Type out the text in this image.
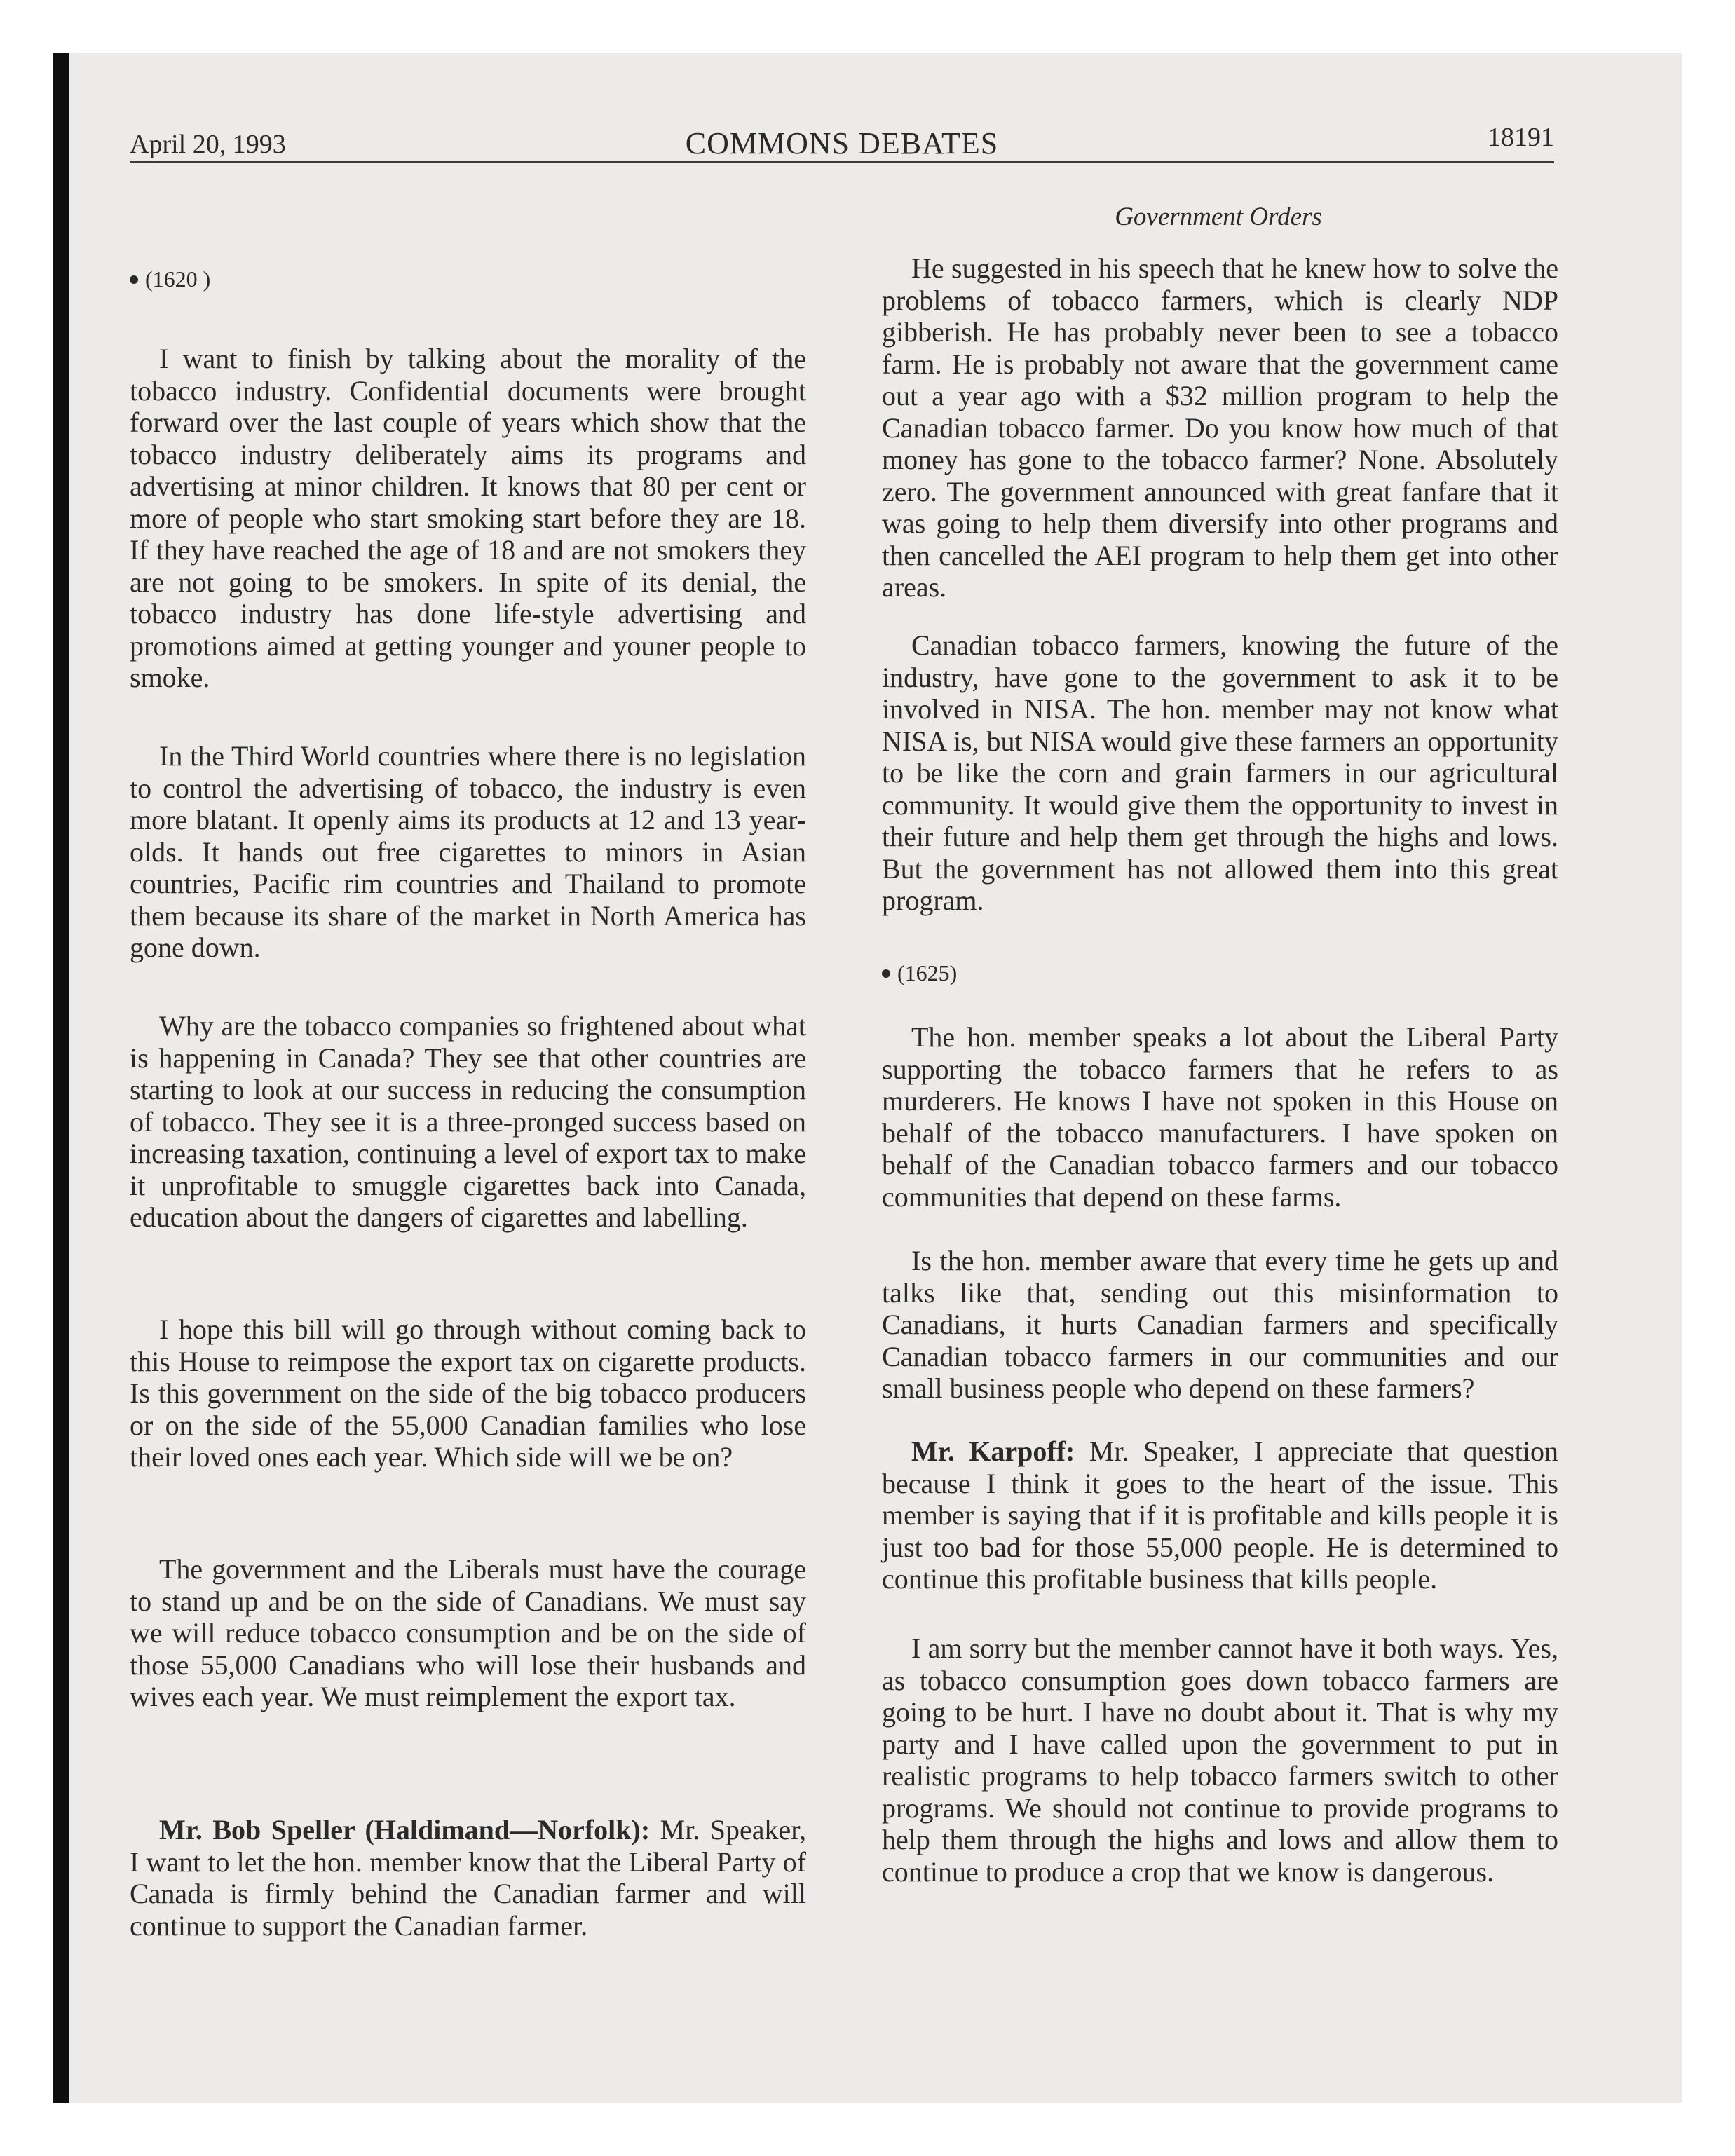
April 20, 1993	COMMONS DEBATES	18191
Government Orders
(1620 )

I want to finish by talking about the morality of the tobacco industry. Confidential documents were brought forward over the last couple of years which show that the tobacco industry deliberately aims its programs and advertising at minor children. It knows that 80 per cent or more of people who start smoking start before they are 18. If they have reached the age of 18 and are not smokers they are not going to be smokers. In spite of its denial, the tobacco industry has done life-style advertising and promotions aimed at getting younger and youner people to smoke.

In the Third World countries where there is no legislation to control the advertising of tobacco, the industry is even more blatant. It openly aims its products at 12 and 13 year-olds. It hands out free cigarettes to minors in Asian countries, Pacific rim countries and Thailand to promote them because its share of the market in North America has gone down.

Why are the tobacco companies so frightened about what is happening in Canada? They see that other countries are starting to look at our success in reducing the consumption of tobacco. They see it is a three-pronged success based on increasing taxation, continuing a level of export tax to make it unprofitable to smuggle cigarettes back into Canada, education about the dangers of cigarettes and labelling.

I hope this bill will go through without coming back to this House to reimpose the export tax on cigarette products. Is this government on the side of the big tobacco producers or on the side of the 55,000 Canadian families who lose their loved ones each year. Which side will we be on?

The government and the Liberals must have the courage to stand up and be on the side of Canadians. We must say we will reduce tobacco consumption and be on the side of those 55,000 Canadians who will lose their husbands and wives each year. We must reimplement the export tax.

Mr. Bob Speller (Haldimand—Norfolk): Mr. Speaker, I want to let the hon. member know that the Liberal Party of Canada is firmly behind the Canadian farmer and will continue to support the Canadian farmer.

He suggested in his speech that he knew how to solve the problems of tobacco farmers, which is clearly NDP gibberish. He has probably never been to see a tobacco farm. He is probably not aware that the government came out a year ago with a $32 million program to help the Canadian tobacco farmer. Do you know how much of that money has gone to the tobacco farmer? None. Absolutely zero. The government announced with great fanfare that it was going to help them diversify into other programs and then cancelled the AEI program to help them get into other areas.

Canadian tobacco farmers, knowing the future of the industry, have gone to the government to ask it to be involved in NISA. The hon. member may not know what NISA is, but NISA would give these farmers an opportunity to be like the corn and grain farmers in our agricultural community. It would give them the opportunity to invest in their future and help them get through the highs and lows. But the government has not allowed them into this great program.

(1625)

The hon. member speaks a lot about the Liberal Party supporting the tobacco farmers that he refers to as murderers. He knows I have not spoken in this House on behalf of the tobacco manufacturers. I have spoken on behalf of the Canadian tobacco farmers and our tobacco communities that depend on these farms.

Is the hon. member aware that every time he gets up and talks like that, sending out this misinformation to Canadians, it hurts Canadian farmers and specifically Canadian tobacco farmers in our communities and our small business people who depend on these farmers?

Mr. Karpoff: Mr. Speaker, I appreciate that question because I think it goes to the heart of the issue. This member is saying that if it is profitable and kills people it is just too bad for those 55,000 people. He is determined to continue this profitable business that kills people.

I am sorry but the member cannot have it both ways. Yes, as tobacco consumption goes down tobacco farmers are going to be hurt. I have no doubt about it. That is why my party and I have called upon the government to put in realistic programs to help tobacco farmers switch to other programs. We should not continue to provide programs to help them through the highs and lows and allow them to continue to produce a crop that we know is dangerous.
